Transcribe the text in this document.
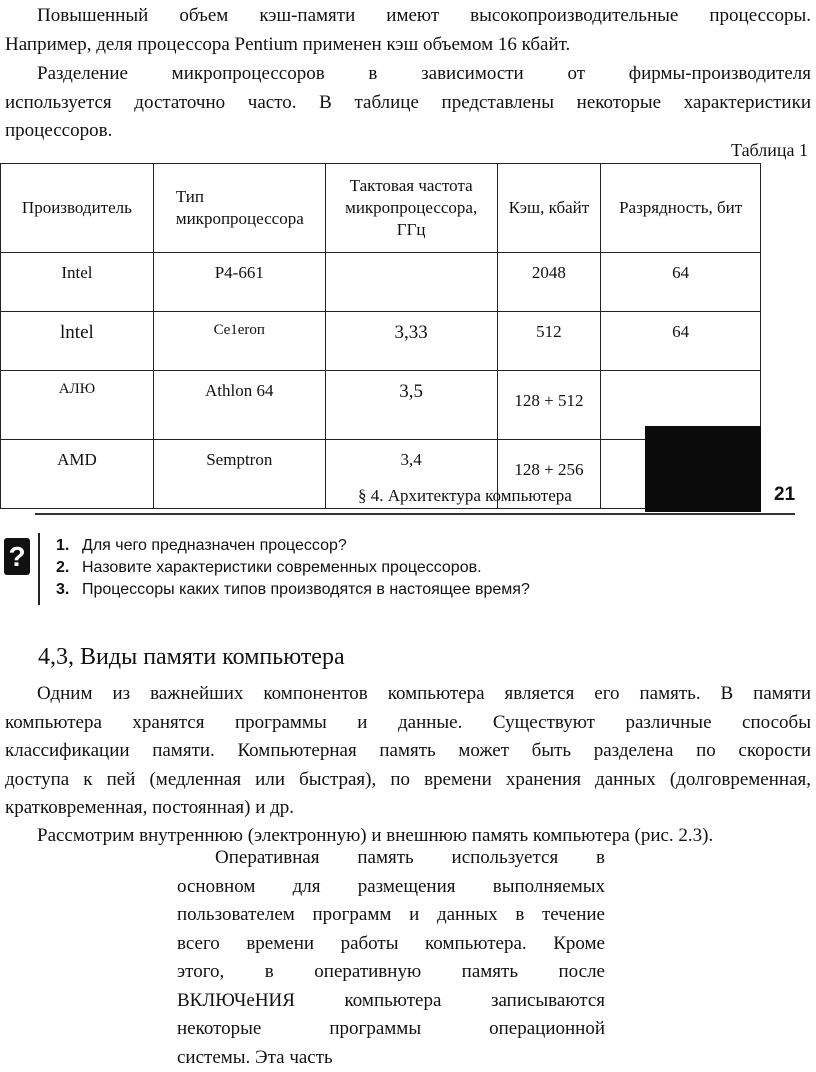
Повышенный объем кэш-памяти имеют высокопроизводительные процессоры.
Например, деля процессора Pentium применен кэш объемом 16 кбайт.
Разделение микропроцессоров в зависимости от фирмы-производителя
используется достаточно часто. В таблице представлены некоторые характеристики
процессоров.
Таблица 1
Производитель	Тип микропроцессора	Тактовая частота микропроцессора, ГГц	Кэш, кбайт	Разрядность, бит
Intel	P4-661		2048	64
lntel	Ce1eroп	3,33	512	64
АЛЮ	Athlon 64	3,5	128 + 512	
AMD	Semptron	3,4	128 + 256	
§ 4. Архитектура компьютера	21
? 1. Для чего предназначен процессор?
2. Назовите характеристики современных процессоров.
3. Процессоры каких типов производятся в настоящее время?
4,3, Виды памяти компьютера
Одним из важнейших компонентов компьютера является его память. В памяти
компьютера хранятся программы и данные. Существуют различные способы
классификации памяти. Компьютерная память может быть разделена по скорости
доступа к пей (медленная или быстрая), по времени хранения данных (долговременная,
кратковременная, постоянная) и др.
Рассмотрим внутреннюю (электронную) и внешнюю память компьютера (рис. 2.3).
Оперативная память используется в
основном для размещения выполняемых
пользователем программ и данных в течение
всего времени работы компьютера. Кроме
этого, в оперативную память после
ВКЛЮЧеНИЯ компьютера записываются
некоторые программы операционной
системы. Эта часть
